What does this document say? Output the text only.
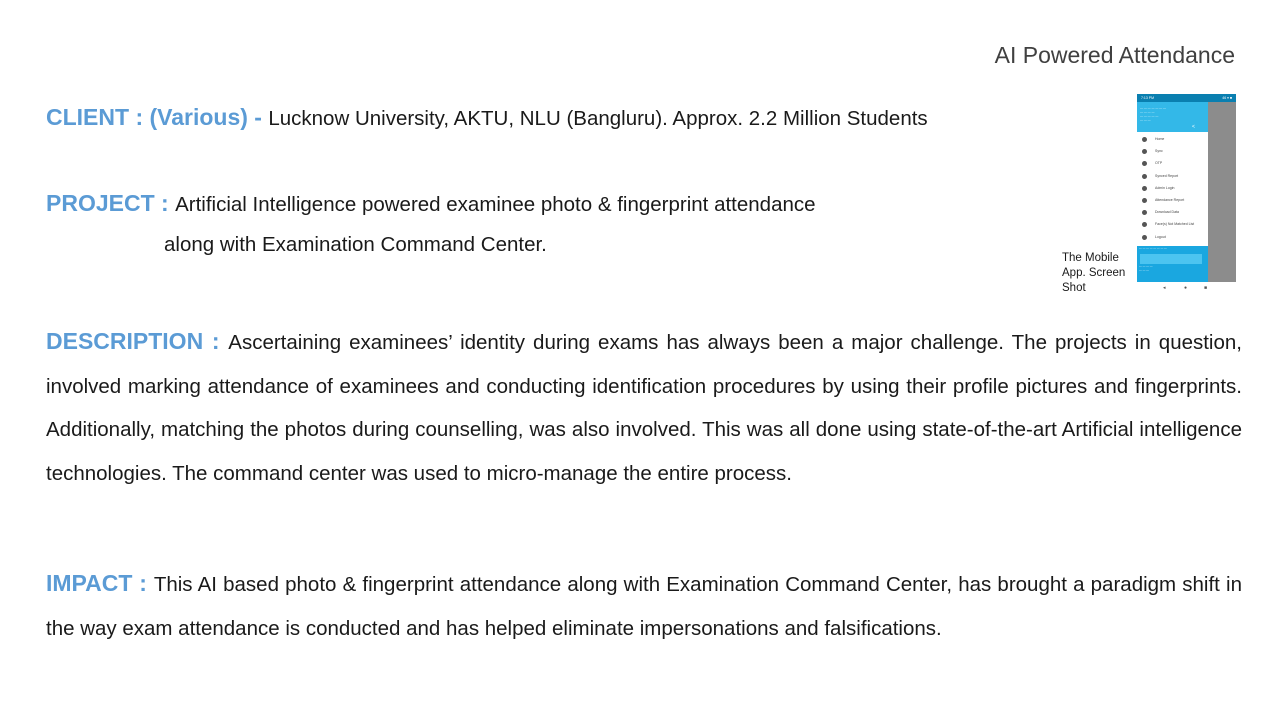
AI Powered Attendance
CLIENT : (Various) - Lucknow University, AKTU, NLU (Bangluru). Approx. 2.2 Million Students
PROJECT : Artificial Intelligence powered examinee photo & fingerprint attendance
along with Examination Command Center.
DESCRIPTION : Ascertaining examinees’ identity during exams has always been a major challenge. The projects in question, involved marking attendance of examinees and conducting identification procedures by using their profile pictures and fingerprints. Additionally, matching the photos during counselling, was also involved. This was all done using state-of-the-art Artificial intelligence technologies. The command center was used to micro-manage the entire process.
IMPACT : This AI based photo & fingerprint attendance along with Examination Command Center, has brought a paradigm shift in the way exam attendance is conducted and has helped eliminate impersonations and falsifications.
7:13 PM	46 ▾ ■

— — — — — — —
— — — —
— — — — —
— — —
<
Home
Sync
OTP
Synced Report
Admin Login
Attendance Report
Download Data
Face(s) Not Matched List
Logout
— — — — — — — —
— — — —
— — —
◂	●	■
The Mobile App. Screen Shot
